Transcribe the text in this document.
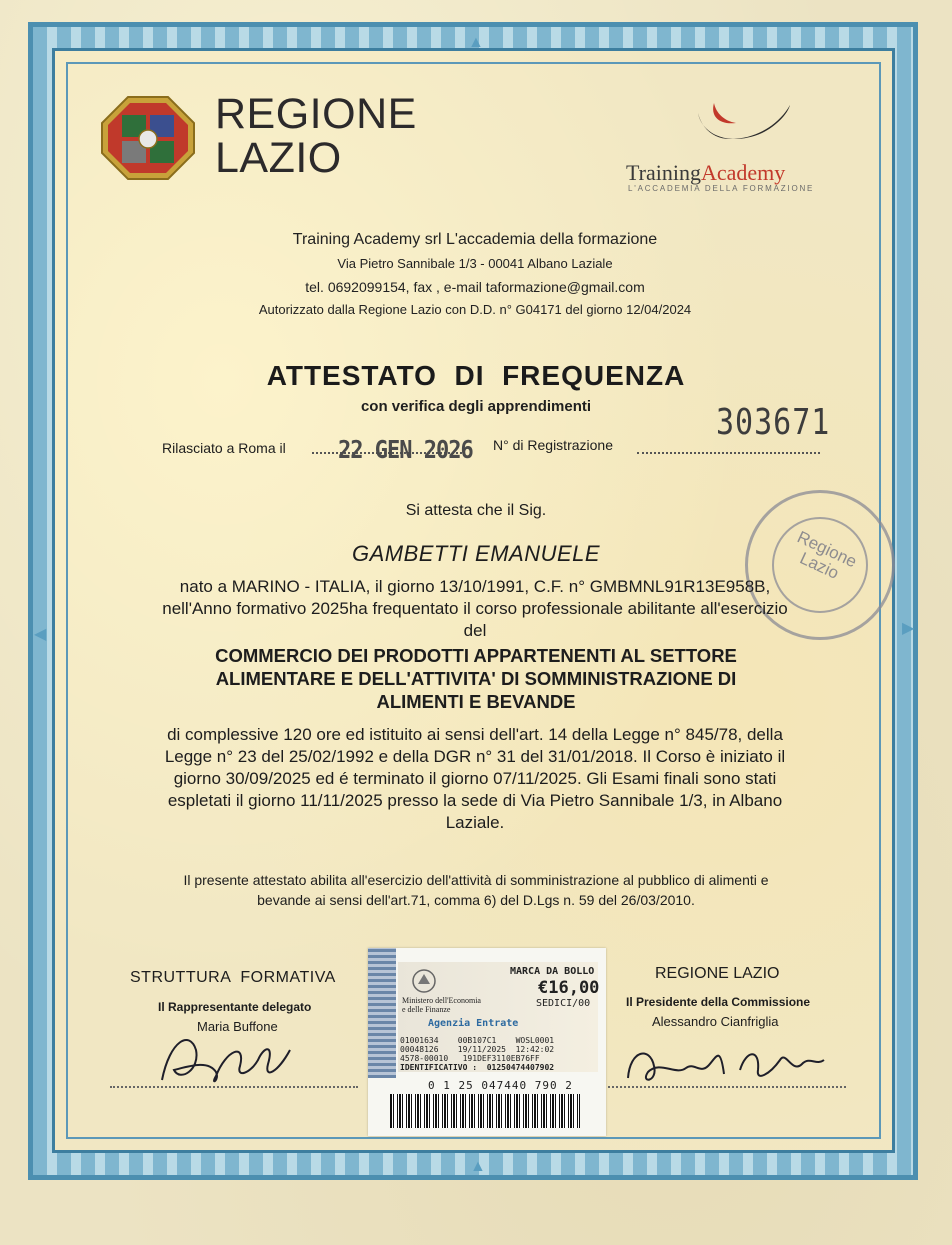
▲
◀	▶
▲
REGIONE
LAZIO	TrainingAcademy
L'ACCADEMIA DELLA FORMAZIONE
Training Academy srl L'accademia della formazione
Via Pietro Sannibale 1/3 - 00041 Albano Laziale
tel. 0692099154, fax , e-mail taformazione@gmail.com
Autorizzato dalla Regione Lazio con D.D. n° G04171 del giorno 12/04/2024
ATTESTATO  DI  FREQUENZA
con verifica degli apprendimenti
Rilasciato a Roma il 22 GEN 2026 N° di Registrazione
303671
Regione Lazio
Si attesta che il Sig.
GAMBETTI EMANUELE
nato a MARINO - ITALIA, il giorno 13/10/1991, C.F. n° GMBMNL91R13E958B, nell'Anno formativo 2025ha frequentato il corso professionale abilitante all'esercizio del
COMMERCIO DEI PRODOTTI APPARTENENTI AL SETTORE ALIMENTARE E DELL'ATTIVITA' DI SOMMINISTRAZIONE DI ALIMENTI E BEVANDE
di complessive 120 ore ed istituito ai sensi dell'art. 14 della Legge n° 845/78, della Legge n° 23 del 25/02/1992 e della DGR n° 31 del 31/01/2018. Il Corso è iniziato il giorno 30/09/2025 ed é terminato il giorno 07/11/2025. Gli Esami finali sono stati espletati il giorno 11/11/2025 presso la sede di Via Pietro Sannibale 1/3, in Albano Laziale.
Il presente attestato abilita all'esercizio dell'attività di somministrazione al pubblico di alimenti e bevande ai sensi dell'art.71, comma 6) del D.Lgs n. 59 del 26/03/2010.
STRUTTURA  FORMATIVA
Il Rappresentante delegato
Maria Buffone
REGIONE LAZIO
Il Presidente della Commissione
Alessandro Cianfriglia
Ministero dell'Economia e delle Finanze
MARCA DA BOLLO
€16,00
SEDICI/00
Agenzia Entrate
01001634    00B107C1    WOSL0001
00048126    19/11/2025  12:42:02
4578-00010   191DEF3110EB76FF
IDENTIFICATIVO :  01250474407902
0 1 25 047440 790 2
